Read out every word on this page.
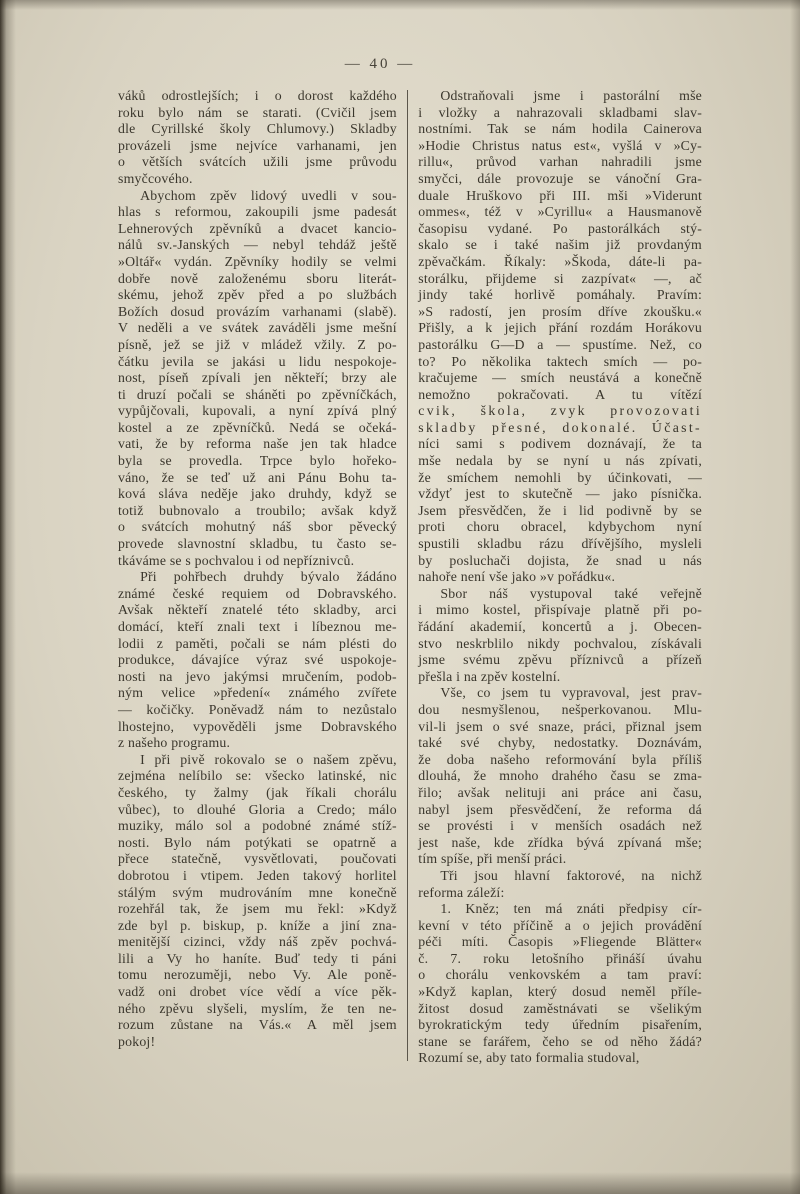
— 40 —
váků odrostlejších; i o dorost každého
roku bylo nám se starati. (Cvičil jsem
dle Cyrillské školy Chlumovy.) Skladby
provázeli jsme nejvíce varhanami, jen
o větších svátcích užili jsme průvodu
smyčcového.
Abychom zpěv lidový uvedli v sou-
hlas s reformou, zakoupili jsme padesát
Lehnerových zpěvníků a dvacet kancio-
nálů sv.-Janských — nebyl tehdáž ještě
»Oltář« vydán. Zpěvníky hodily se velmi
dobře nově založenému sboru literát-
skému, jehož zpěv před a po službách
Božích dosud provázím varhanami (slabě).
V neděli a ve svátek zaváděli jsme mešní
písně, jež se již v mládež vžily. Z po-
čátku jevila se jakási u lidu nespokoje-
nost, píseň zpívali jen někteří; brzy ale
ti druzí počali se sháněti po zpěvníčkách,
vypůjčovali, kupovali, a nyní zpívá plný
kostel a ze zpěvníčků. Nedá se očeká-
vati, že by reforma naše jen tak hladce
byla se provedla. Trpce bylo hořeko-
váno, že se teď už ani Pánu Bohu ta-
ková sláva neděje jako druhdy, když se
totiž bubnovalo a troubilo; avšak když
o svátcích mohutný náš sbor pěvecký
provede slavnostní skladbu, tu často se-
tkáváme se s pochvalou i od nepříznivců.
Při pohřbech druhdy bývalo žádáno
známé české requiem od Dobravského.
Avšak někteří znatelé této skladby, arci
domácí, kteří znali text i líbeznou me-
lodii z paměti, počali se nám plésti do
produkce, dávajíce výraz své uspokoje-
nosti na jevo jakýmsi mručením, podob-
ným velice »předení« známého zvířete
— kočičky. Poněvadž nám to nezůstalo
lhostejno, vypověděli jsme Dobravského
z našeho programu.
I při pivě rokovalo se o našem zpěvu,
zejména nelíbilo se: všecko latinské, nic
českého, ty žalmy (jak říkali chorálu
vůbec), to dlouhé Gloria a Credo; málo
muziky, málo sol a podobné známé stíž-
nosti. Bylo nám potýkati se opatrně a
přece statečně, vysvětlovati, poučovati
dobrotou i vtipem. Jeden takový horlitel
stálým svým mudrováním mne konečně
rozehřál tak, že jsem mu řekl: »Když
zde byl p. biskup, p. kníže a jiní zna-
menitější cizinci, vždy náš zpěv pochvá-
lili a Vy ho haníte. Buď tedy ti páni
tomu nerozuměji, nebo Vy. Ale poně-
vadž oni drobet více vědí a více pěk-
ného zpěvu slyšeli, myslím, že ten ne-
rozum zůstane na Vás.« A měl jsem
pokoj!
Odstraňovali jsme i pastorální mše
i vložky a nahrazovali skladbami slav-
nostními. Tak se nám hodila Cainerova
»Hodie Christus natus est«, vyšlá v »Cy-
rillu«, průvod varhan nahradili jsme
smyčci, dále provozuje se vánoční Gra-
duale Hruškovo při III. mši »Viderunt
ommes«, též v »Cyrillu« a Hausmanově
časopisu vydané. Po pastorálkách stý-
skalo se i také našim již provdaným
zpěvačkám. Říkaly: »Škoda, dáte-li pa-
storálku, přijdeme si zazpívat« —, ač
jindy také horlivě pomáhaly. Pravím:
»S radostí, jen prosím dříve zkoušku.«
Přišly, a k jejich přání rozdám Horákovu
pastorálku G—D a — spustíme. Než, co
to? Po několika taktech smích — po-
kračujeme — smích neustává a konečně
nemožno pokračovati. A tu vítězí
cvik, škola, zvyk provozovati
skladby přesné, dokonalé. Účast-
níci sami s podivem doznávají, že ta
mše nedala by se nyní u nás zpívati,
že smíchem nemohli by účinkovati, —
vždyť jest to skutečně — jako písnička.
Jsem přesvědčen, že i lid podivně by se
proti choru obracel, kdybychom nyní
spustili skladbu rázu dřívějšího, mysleli
by posluchači dojista, že snad u nás
nahoře není vše jako »v pořádku«.
Sbor náš vystupoval také veřejně
i mimo kostel, přispívaje platně při po-
řádání akademií, koncertů a j. Obecen-
stvo neskrblilo nikdy pochvalou, získávali
jsme svému zpěvu příznivců a přízeň
přešla i na zpěv kostelní.
Vše, co jsem tu vypravoval, jest prav-
dou nesmyšlenou, nešperkovanou. Mlu-
vil-li jsem o své snaze, práci, přiznal jsem
také své chyby, nedostatky. Doznávám,
že doba našeho reformování byla příliš
dlouhá, že mnoho drahého času se zma-
řilo; avšak nelituji ani práce ani času,
nabyl jsem přesvědčení, že reforma dá
se provésti i v menších osadách než
jest naše, kde zřídka bývá zpívaná mše;
tím spíše, při menší práci.
Tři jsou hlavní faktorové, na nichž
reforma záleží:
1. Kněz; ten má znáti předpisy cír-
kevní v této příčině a o jejich provádění
péči míti. Časopis »Fliegende Blätter«
č. 7. roku letošního přináší úvahu
o chorálu venkovském a tam praví:
»Když kaplan, který dosud neměl příle-
žitost dosud zaměstnávati se všelikým
byrokratickým tedy úředním pisařením,
stane se farářem, čeho se od něho žádá?
Rozumí se, aby tato formalia studoval,
